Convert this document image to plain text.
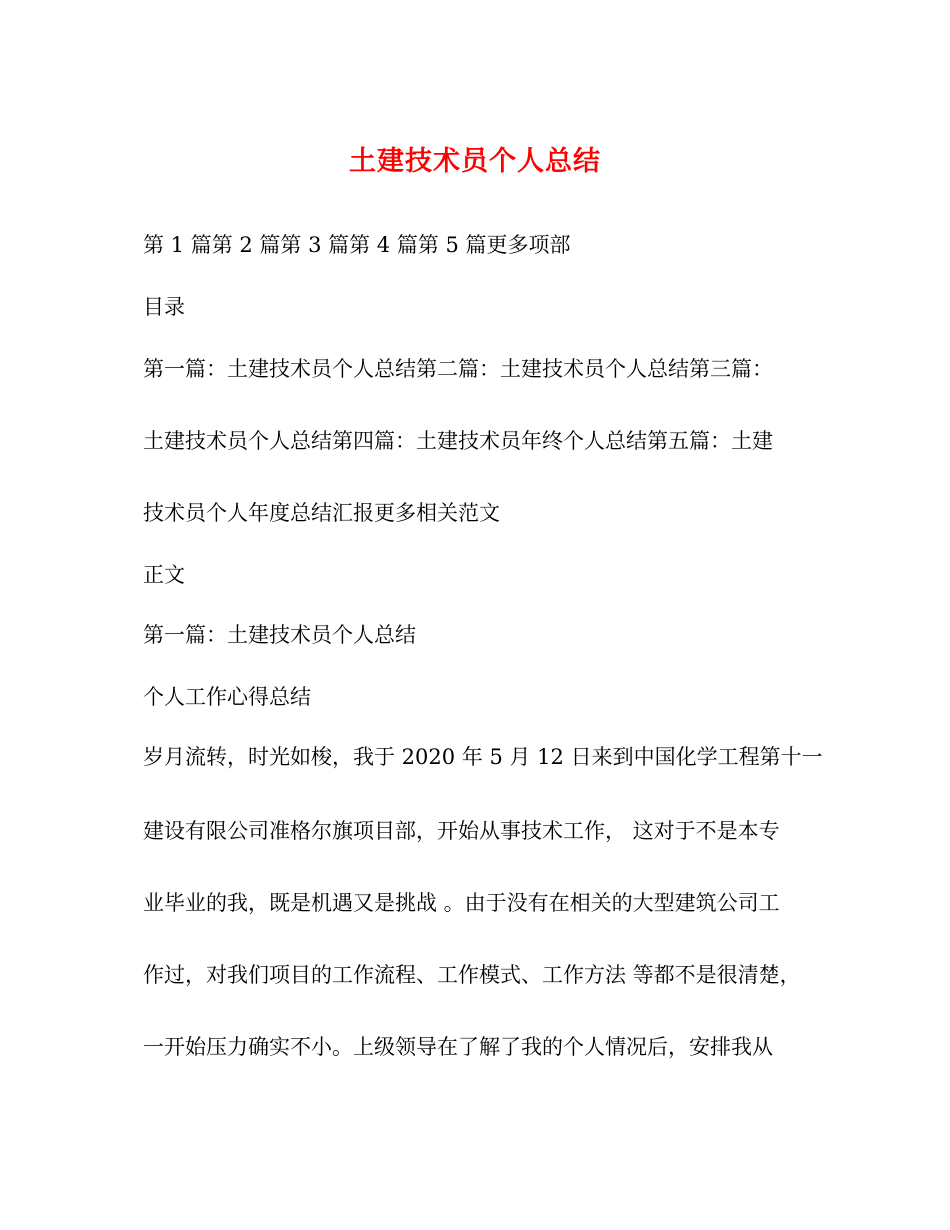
土建技术员个人总结
第 1 篇第 2 篇第 3 篇第 4 篇第 5 篇更多项部
目录
第一篇：土建技术员个人总结第二篇：土建技术员个人总结第三篇：
土建技术员个人总结第四篇：土建技术员年终个人总结第五篇：土建
技术员个人年度总结汇报更多相关范文
正文
第一篇：土建技术员个人总结
个人工作心得总结
岁月流转，时光如梭，我于 2020 年 5 月 12 日来到中国化学工程第十一
建设有限公司准格尔旗项目部，开始从事技术工作， 这对于不是本专
业毕业的我，既是机遇又是挑战 。由于没有在相关的大型建筑公司工
作过，对我们项目的工作流程、工作模式、工作方法 等都不是很清楚，
一开始压力确实不小。上级领导在了解了我的个人情况后，安排我从
